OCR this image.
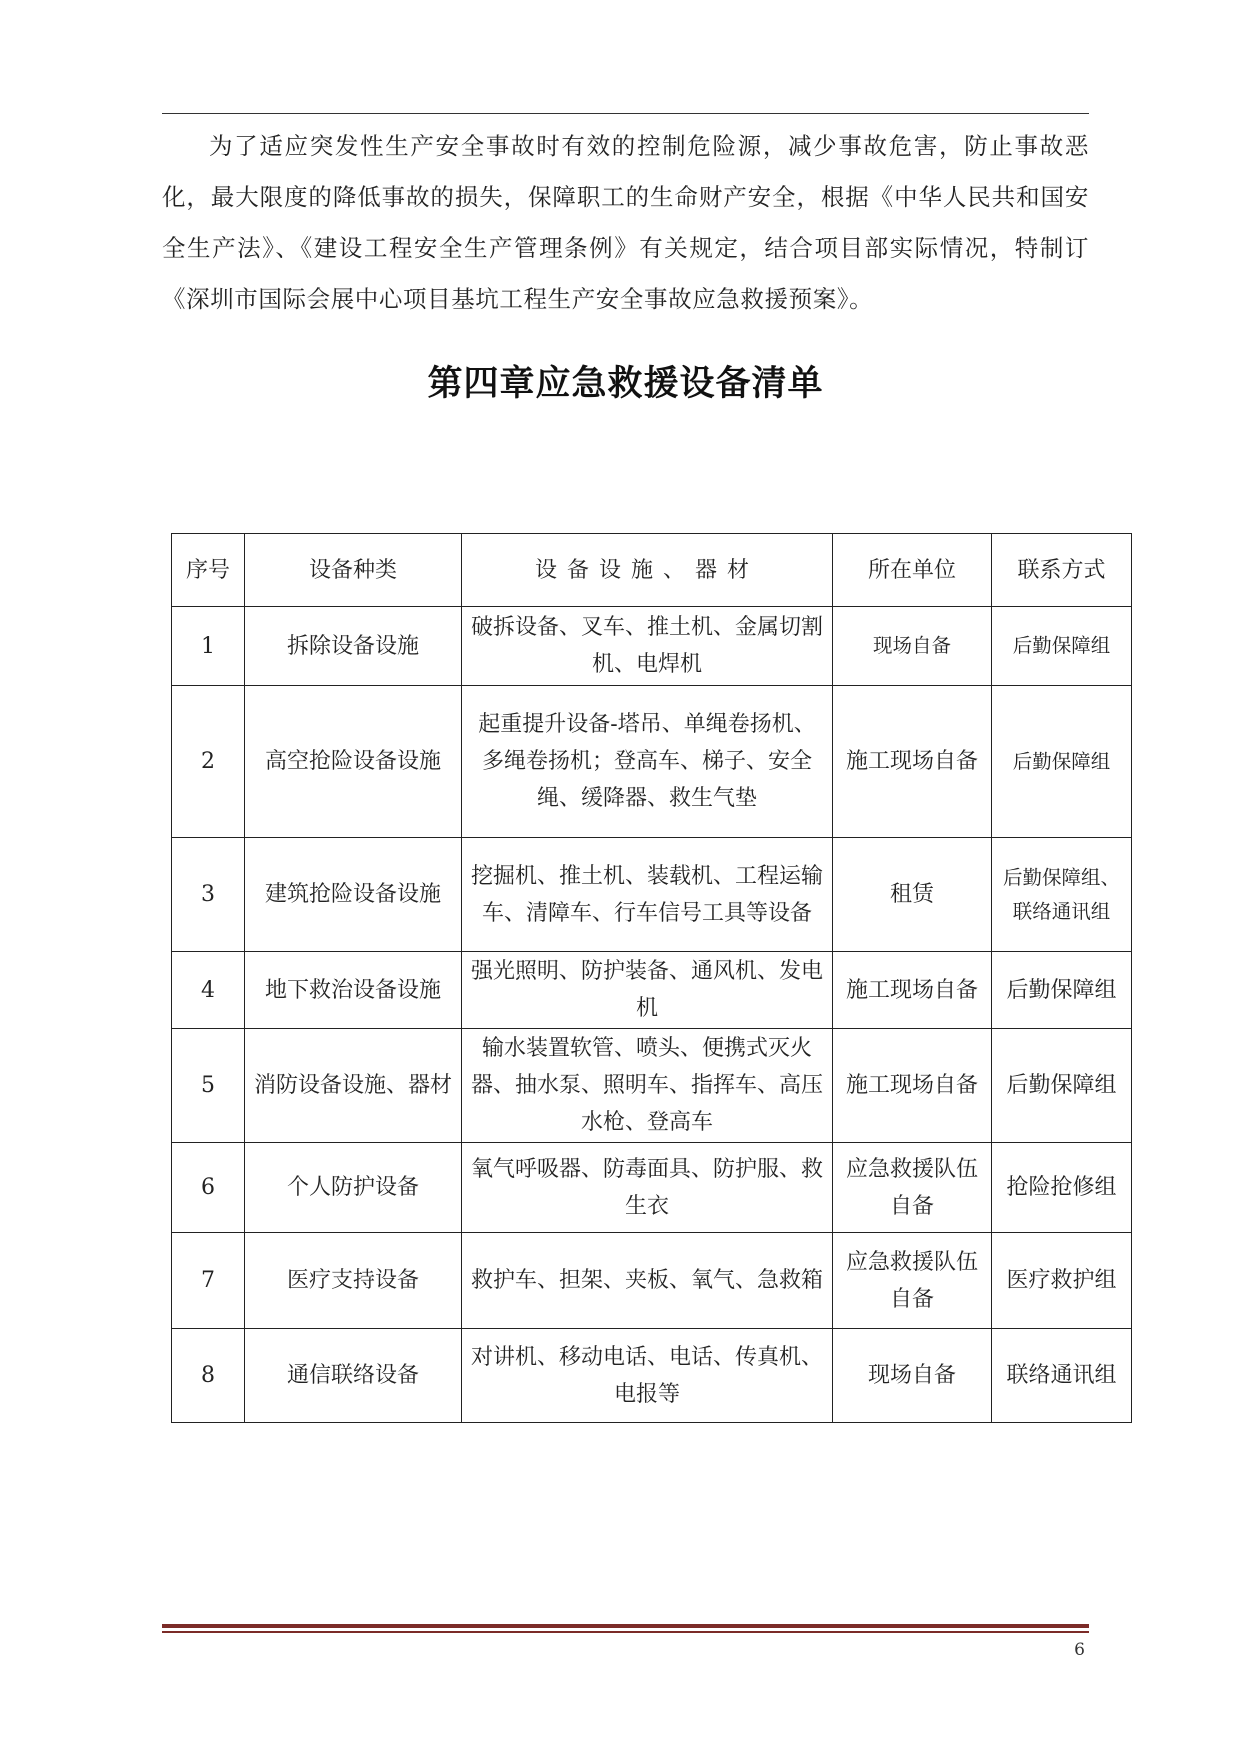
为了适应突发性生产安全事故时有效的控制危险源，减少事故危害，防止事故恶化，最大限度的降低事故的损失，保障职工的生命财产安全，根据《中华人民共和国安全生产法》、《建设工程安全生产管理条例》有关规定，结合项目部实际情况，特制订《深圳市国际会展中心项目基坑工程生产安全事故应急救援预案》。

第四章应急救援设备清单
序号	设备种类	设备设施、器材	所在单位	联系方式
1	拆除设备设施	破拆设备、叉车、推土机、金属切割机、电焊机	现场自备	后勤保障组
2	高空抢险设备设施	起重提升设备-塔吊、单绳卷扬机、多绳卷扬机；登高车、梯子、安全绳、缓降器、救生气垫	施工现场自备	后勤保障组
3	建筑抢险设备设施	挖掘机、推土机、装载机、工程运输车、清障车、行车信号工具等设备	租赁	后勤保障组、联络通讯组
4	地下救治设备设施	强光照明、防护装备、通风机、发电机	施工现场自备	后勤保障组
5	消防设备设施、器材	输水装置软管、喷头、便携式灭火器、抽水泵、照明车、指挥车、高压水枪、登高车	施工现场自备	后勤保障组
6	个人防护设备	氧气呼吸器、防毒面具、防护服、救生衣	应急救援队伍自备	抢险抢修组
7	医疗支持设备	救护车、担架、夹板、氧气、急救箱	应急救援队伍自备	医疗救护组
8	通信联络设备	对讲机、移动电话、电话、传真机、电报等	现场自备	联络通讯组
6
